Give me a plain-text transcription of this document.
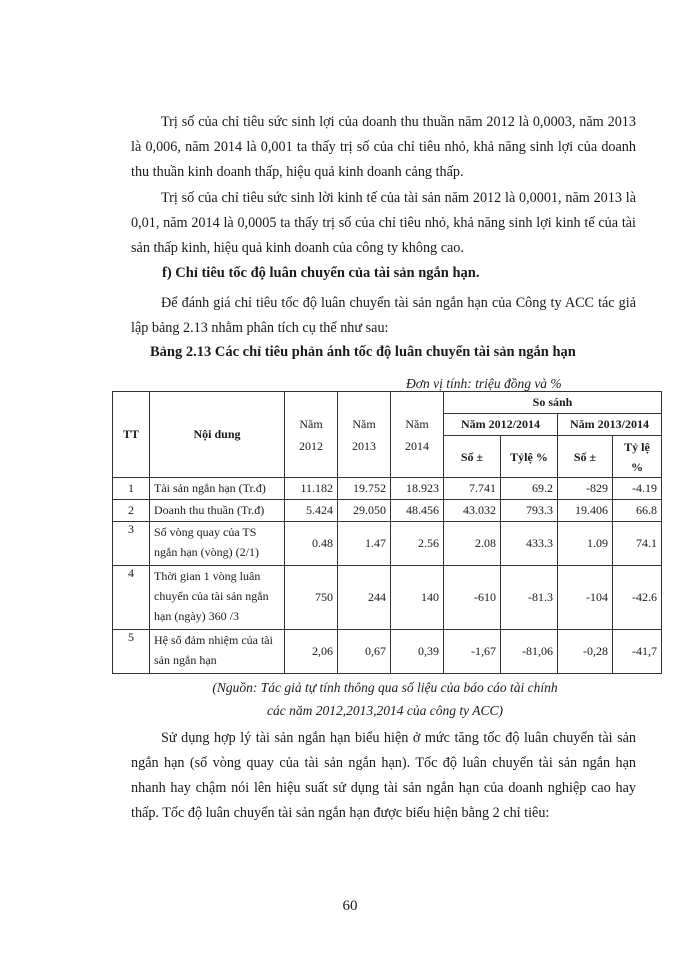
Trị số của chỉ tiêu sức sinh lợi của doanh thu thuần năm 2012 là 0,0003, năm 2013 là 0,006, năm 2014 là 0,001 ta thấy trị số của chỉ tiêu nhỏ, khả năng sinh lợi của doanh thu thuần kinh doanh thấp, hiệu quả kinh doanh cảng thấp.
Trị số của chỉ tiêu sức sinh lời kinh tế của tài sản năm 2012 là 0,0001, năm 2013 là 0,01, năm 2014 là 0,0005 ta thấy trị số của chỉ tiêu nhỏ, khả năng sinh lợi kinh tế của tài sản thấp kinh, hiệu quả kinh doanh của công ty không cao.
f) Chỉ tiêu tốc độ luân chuyển của tài sản ngắn hạn.
Để đánh giá chỉ tiêu tốc độ luân chuyển tài sản ngắn hạn của Công ty ACC tác giả lập bảng 2.13 nhằm phân tích cụ thể như sau:
Bảng 2.13 Các chỉ tiêu phản ánh tốc độ luân chuyển tài sản ngắn hạn
Đơn vị tính: triệu đồng và %
TT	Nội dung	Năm 2012	Năm 2013	Năm 2014	So sánh			
					Năm 2012/2014		Năm 2013/2014	
					Số ±	Tỷlệ %	Số ±	Tỷ lệ %
1	Tài sản ngắn hạn (Tr.đ)	11.182	19.752	18.923	7.741	69.2	-829	-4.19
2	Doanh thu thuần (Tr.đ)	5.424	29.050	48.456	43.032	793.3	19.406	66.8
3	Số vòng quay của TS ngắn hạn (vòng) (2/1)	0.48	1.47	2.56	2.08	433.3	1.09	74.1
4	Thời gian 1 vòng luân chuyển của tài sản ngắn hạn (ngày) 360 /3	750	244	140	-610	-81.3	-104	-42.6
5	Hệ số đảm nhiệm của tài sản ngắn hạn	2,06	0,67	0,39	-1,67	-81,06	-0,28	-41,7
(Nguồn: Tác giả tự tính thông qua số liệu của báo cáo tài chính
các năm 2012,2013,2014 của công ty ACC)
Sử dụng hợp lý tài sản ngắn hạn biểu hiện ở mức tăng tốc độ luân chuyển tài sản ngắn hạn (số vòng quay của tài sản ngắn hạn). Tốc độ luân chuyển tài sản ngắn hạn nhanh hay chậm nói lên hiệu suất sử dụng tài sản ngắn hạn của doanh nghiệp cao hay thấp. Tốc độ luân chuyển tài sản ngắn hạn được biểu hiện bằng 2 chỉ tiêu:
60
